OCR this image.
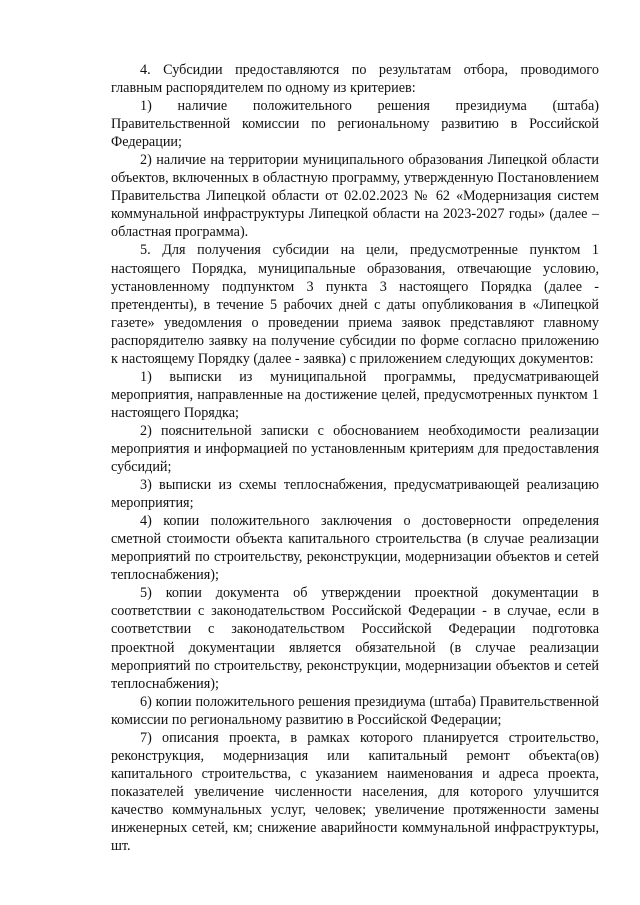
4. Субсидии предоставляются по результатам отбора, проводимого главным распорядителем по одному из критериев:

1) наличие положительного решения президиума (штаба) Правительственной комиссии по региональному развитию в Российской Федерации;

2) наличие на территории муниципального образования Липецкой области объектов, включенных в областную программу, утвержденную Постановлением Правительства Липецкой области от 02.02.2023 № 62 «Модернизация систем коммунальной инфраструктуры Липецкой области на 2023-2027 годы» (далее – областная программа).

5. Для получения субсидии на цели, предусмотренные пунктом 1 настоящего Порядка, муниципальные образования, отвечающие условию, установленному подпунктом 3 пункта 3 настоящего Порядка (далее - претенденты), в течение 5 рабочих дней с даты опубликования в «Липецкой газете» уведомления о проведении приема заявок представляют главному распорядителю заявку на получение субсидии по форме согласно приложению к настоящему Порядку (далее - заявка) с приложением следующих документов:

1) выписки из муниципальной программы, предусматривающей мероприятия, направленные на достижение целей, предусмотренных пунктом 1 настоящего Порядка;

2) пояснительной записки с обоснованием необходимости реализации мероприятия и информацией по установленным критериям для предоставления субсидий;

3) выписки из схемы теплоснабжения, предусматривающей реализацию мероприятия;

4) копии положительного заключения о достоверности определения сметной стоимости объекта капитального строительства (в случае реализации мероприятий по строительству, реконструкции, модернизации объектов и сетей теплоснабжения);

5) копии документа об утверждении проектной документации в соответствии с законодательством Российской Федерации - в случае, если в соответствии с законодательством Российской Федерации подготовка проектной документации является обязательной (в случае реализации мероприятий по строительству, реконструкции, модернизации объектов и сетей теплоснабжения);

6) копии положительного решения президиума (штаба) Правительственной комиссии по региональному развитию в Российской Федерации;

7) описания проекта, в рамках которого планируется строительство, реконструкция, модернизация или капитальный ремонт объекта(ов) капитального строительства, с указанием наименования и адреса проекта, показателей увеличение численности населения, для которого улучшится качество коммунальных услуг, человек; увеличение протяженности замены инженерных сетей, км; снижение аварийности коммунальной инфраструктуры, шт.
